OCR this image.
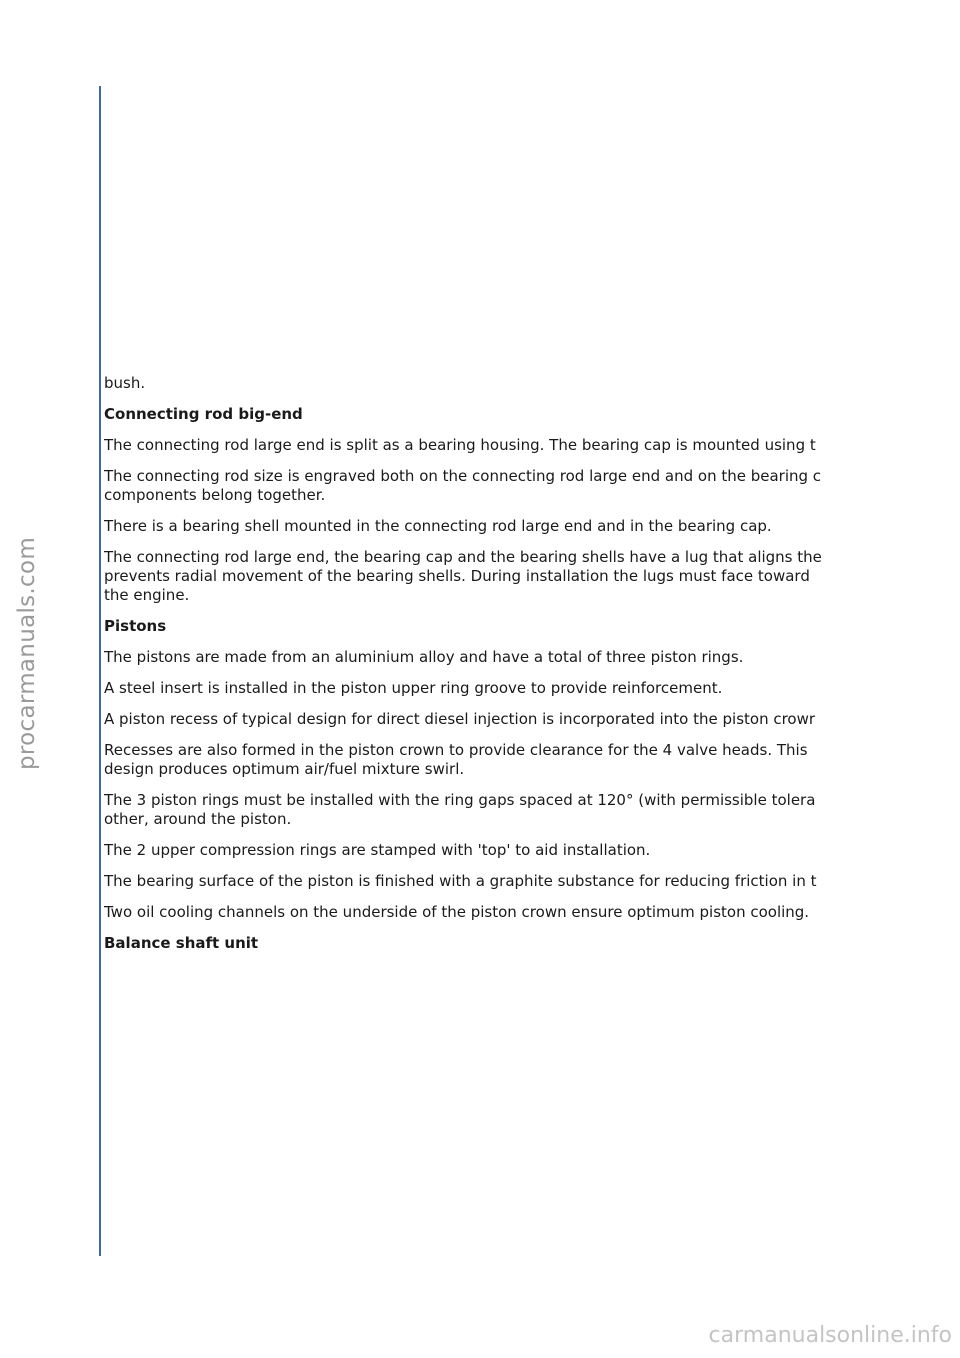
procarmanuals.com
carmanualsonline.info

bush.

Connecting rod big-end

The connecting rod large end is split as a bearing housing. The bearing cap is mounted using t

The connecting rod size is engraved both on the connecting rod large end and on the bearing c
components belong together.

There is a bearing shell mounted in the connecting rod large end and in the bearing cap.

The connecting rod large end, the bearing cap and the bearing shells have a lug that aligns the
prevents radial movement of the bearing shells. During installation the lugs must face toward
the engine.

Pistons

The pistons are made from an aluminium alloy and have a total of three piston rings.

A steel insert is installed in the piston upper ring groove to provide reinforcement.

A piston recess of typical design for direct diesel injection is incorporated into the piston crowr

Recesses are also formed in the piston crown to provide clearance for the 4 valve heads. This
design produces optimum air/fuel mixture swirl.

The 3 piston rings must be installed with the ring gaps spaced at 120° (with permissible tolera
other, around the piston.

The 2 upper compression rings are stamped with 'top' to aid installation.

The bearing surface of the piston is finished with a graphite substance for reducing friction in t

Two oil cooling channels on the underside of the piston crown ensure optimum piston cooling.

Balance shaft unit
